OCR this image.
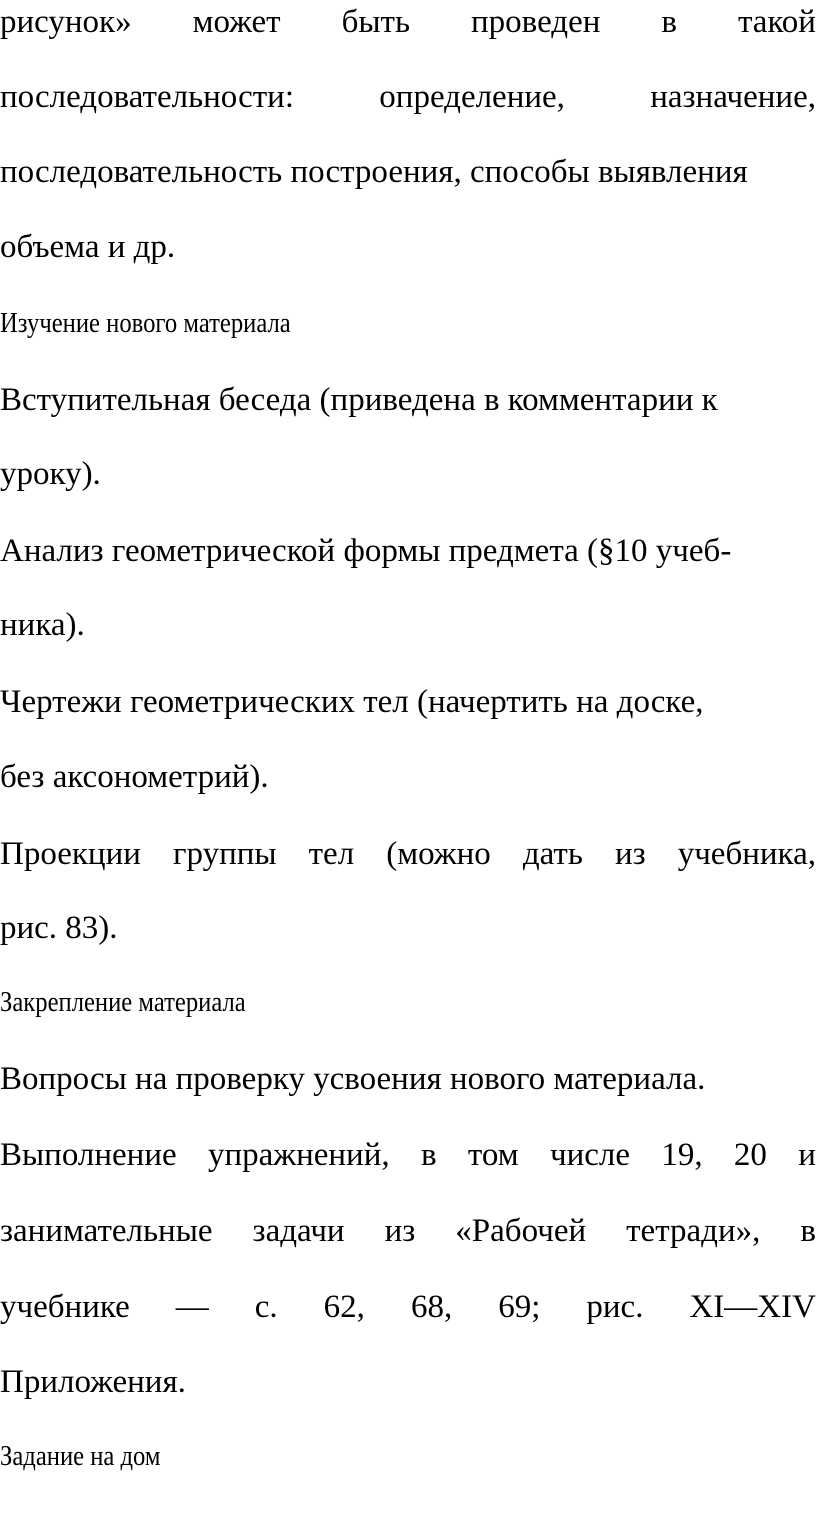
рисунок» может быть проведен в такой
последовательности:	определение,	назначение,
последовательность построения, способы выявления
объема и др.
Изучение нового материала
Вступительная беседа (приведена в комментарии к
уроку).
Анализ геометрической формы предмета (§10 учеб-
ника).
Чертежи геометрических тел (начертить на доске,
без аксонометрий).
Проекции группы тел (можно дать из учебника,
рис. 83).
Закрепление материала
Вопросы на проверку усвоения нового материала.
Выполнение упражнений, в том числе 19, 20 и
занимательные задачи из «Рабочей тетради», в
учебнике — с. 62, 68, 69; рис. XI—XIV
Приложения.
Задание на дом
